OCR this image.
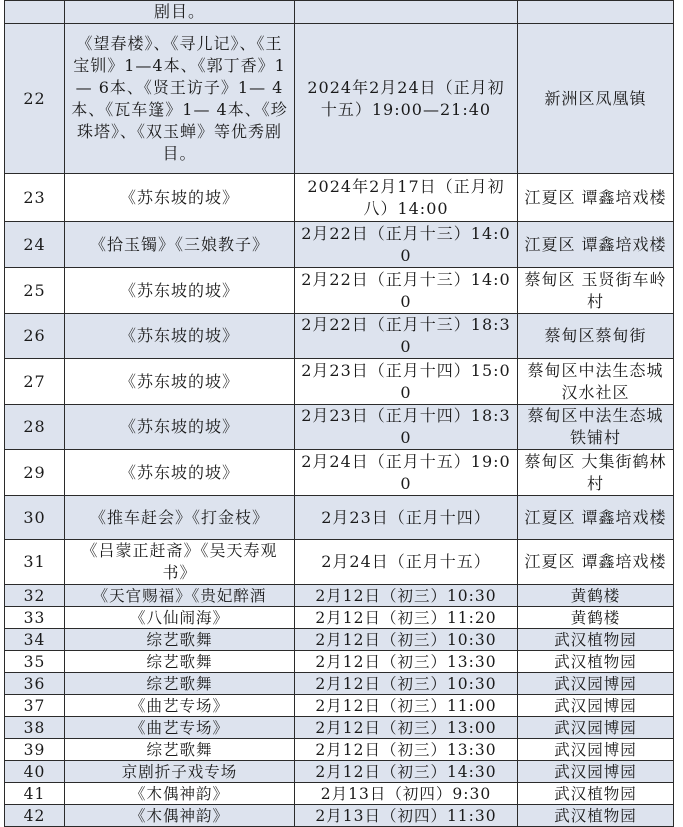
	剧目。		
22	《望春楼》、《寻儿记》、《王宝钏》1—4本、《郭丁香》1— 6本、《贤王访子》1— 4本、《瓦车篷》1— 4本、《珍珠塔》、《双玉蝉》等优秀剧目。	2024年2月24日（正月初十五）19:00—21:40	新洲区凤凰镇
23	《苏东坡的坡》	2024年2月17日（正月初八）14:00	江夏区 谭鑫培戏楼
24	《拾玉镯》《三娘教子》	2月22日（正月十三）14:00	江夏区 谭鑫培戏楼
25	《苏东坡的坡》	2月22日（正月十三）14:00	蔡甸区 玉贤街车岭村
26	《苏东坡的坡》	2月22日（正月十三）18:30	蔡甸区蔡甸街
27	《苏东坡的坡》	2月23日（正月十四）15:00	蔡甸区中法生态城汉水社区
28	《苏东坡的坡》	2月23日（正月十四）18:30	蔡甸区中法生态城铁铺村
29	《苏东坡的坡》	2月24日（正月十五）19:00	蔡甸区 大集街鹤林村
30	《推车赶会》《打金枝》	2月23日（正月十四）	江夏区 谭鑫培戏楼
31	《吕蒙正赶斋》《吴天寿观书》	2月24日（正月十五）	江夏区 谭鑫培戏楼
32	《天官赐福》《贵妃醉酒	2月12日（初三）10:30	黄鹤楼
33	《八仙闹海》	2月12日（初三）11:20	黄鹤楼
34	综艺歌舞	2月12日（初三）10:30	武汉植物园
35	综艺歌舞	2月12日（初三）13:30	武汉植物园
36	综艺歌舞	2月12日（初三）10:30	武汉园博园
37	《曲艺专场》	2月12日（初三）11:00	武汉园博园
38	《曲艺专场》	2月12日（初三）13:00	武汉园博园
39	综艺歌舞	2月12日（初三）13:30	武汉园博园
40	京剧折子戏专场	2月12日（初三）14:30	武汉园博园
41	《木偶神韵》	2月13日（初四）9:30	武汉植物园
42	《木偶神韵》	2月13日（初四）11:30	武汉植物园
